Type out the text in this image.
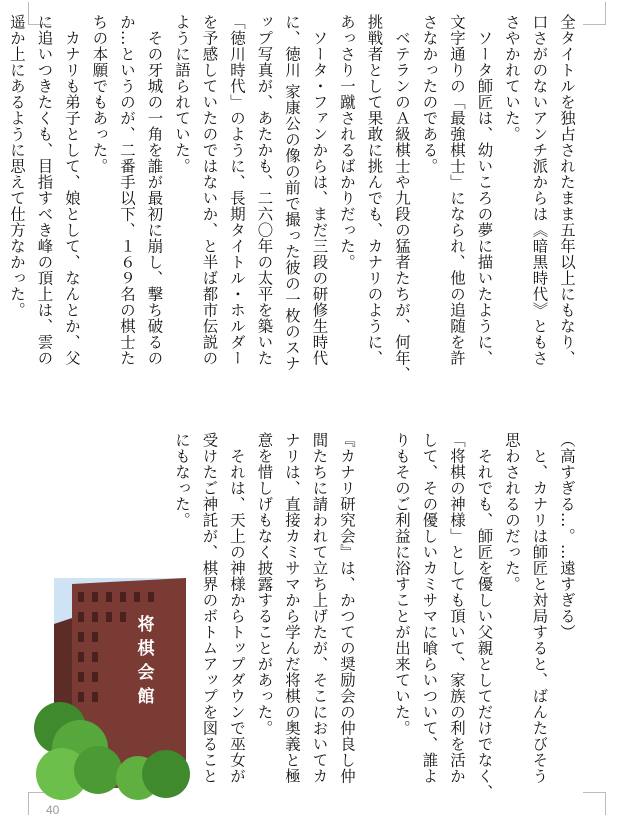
全タイトルを独占されたまま五年以上にもなり、
口さがのないアンチ派からは《暗黒時代》ともさ
さやかれていた。
　ソータ師匠は、幼いころの夢に描いたように、
文字通りの「最強棋士」になられ、他の追随を許
さなかったのである。
　ベテランのＡ級棋士や九段の猛者たちが、何年、
挑戦者として果敢に挑んでも、カナリのように、
あっさり一蹴されるばかりだった。
　ソータ・ファンからは、まだ三段の研修生時代
に、徳川 家康公の像の前で撮った彼の一枚のスナ
ップ写真が、あたかも、二六〇年の太平を築いた
「徳川時代」のように、長期タイトル・ホルダー
を予感していたのではないか、と半ば都市伝説の
ように語られていた。
　その牙城の一角を誰が最初に崩し、撃ち破るの
か…というのが、二番手以下、１６９名の棋士た
ちの本願でもあった。
　カナリも弟子として、娘として、なんとか、父
に追いつきたくも、目指すべき峰の頂上は、雲の
遥か上にあるように思えて仕方なかった。
（高すぎる…。…遠すぎる）
　と、カナリは師匠と対局すると、ばんたびそう
思わされるのだった。
　それでも、師匠を優しい父親としてだけでなく、
「将棋の神様」としても頂いて、家族の利を活か
して、その優しいカミサマに喰らいついて、誰よ
りもそのご利益に浴すことが出来ていた。

『カナリ研究会』は、かつての奨励会の仲良し仲
間たちに請われて立ち上げたが、そこにおいてカ
ナリは、直接カミサマから学んだ将棋の奥義と極
意を惜しげもなく披露することがあった。
　それは、天上の神様からトップダウンで巫女が
受けたご神託が、棋界のボトムアップを図ること
にもなった。
将
棋
会
館
40
